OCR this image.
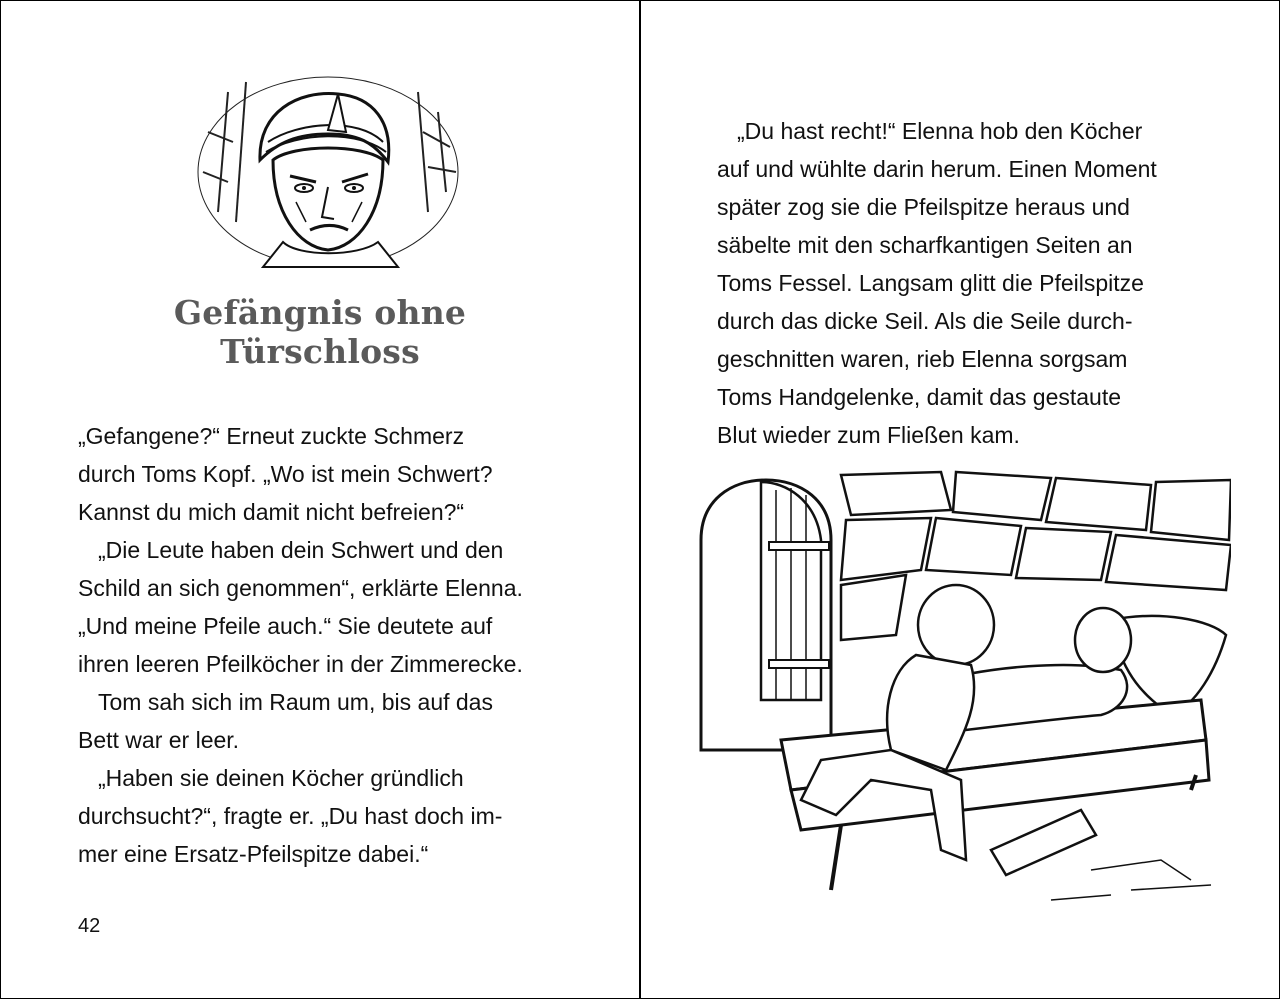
Gefängnis ohne Türschloss

„Gefangene?“ Erneut zuckte Schmerz
durch Toms Kopf. „Wo ist mein Schwert?
Kannst du mich damit nicht befreien?“

„Die Leute haben dein Schwert und den
Schild an sich genommen“, erklärte Elenna.
„Und meine Pfeile auch.“ Sie deutete auf
ihren leeren Pfeilköcher in der Zimmerecke.

Tom sah sich im Raum um, bis auf das
Bett war er leer.

„Haben sie deinen Köcher gründlich
durchsucht?“, fragte er. „Du hast doch im-
mer eine Ersatz-Pfeilspitze dabei.“

42

„Du hast recht!“ Elenna hob den Köcher
auf und wühlte darin herum. Einen Moment
später zog sie die Pfeilspitze heraus und
säbelte mit den scharfkantigen Seiten an
Toms Fessel. Langsam glitt die Pfeilspitze
durch das dicke Seil. Als die Seile durch-
geschnitten waren, rieb Elenna sorgsam
Toms Handgelenke, damit das gestaute
Blut wieder zum Fließen kam.
